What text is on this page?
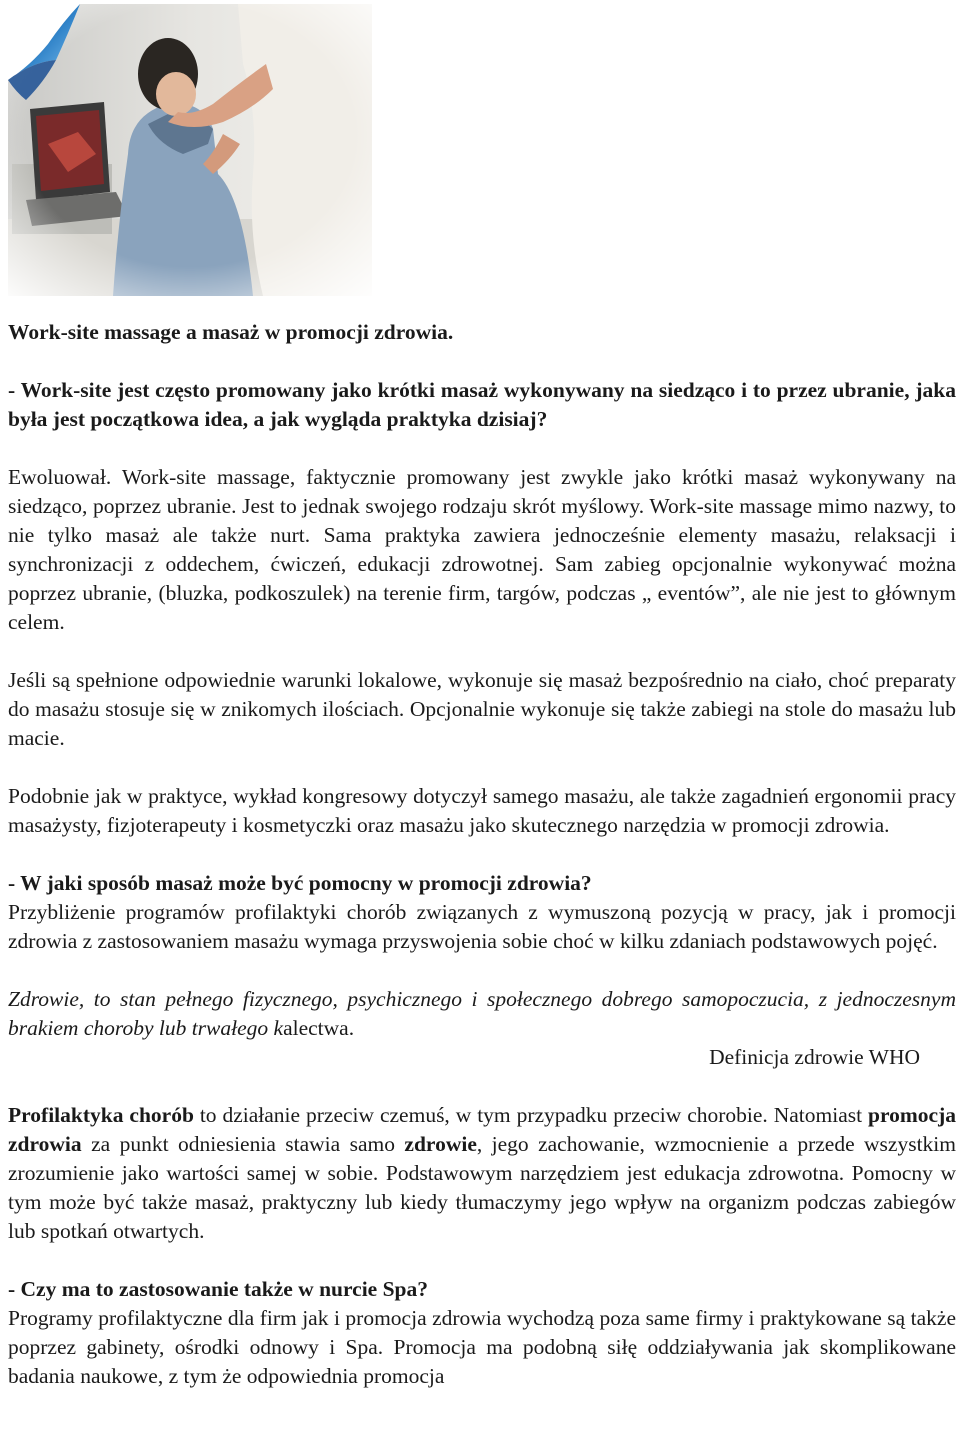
Work-site massage a masaż w promocji zdrowia.

- Work-site jest często promowany jako krótki masaż wykonywany na siedząco i to przez ubranie, jaka była jest początkowa idea, a jak wygląda praktyka dzisiaj?

Ewoluował. Work-site massage, faktycznie promowany jest zwykle jako krótki masaż wykonywany na siedząco, poprzez ubranie. Jest to jednak swojego rodzaju skrót myślowy. Work-site massage mimo nazwy, to nie tylko masaż ale także nurt. Sama praktyka zawiera jednocześnie elementy masażu, relaksacji i synchronizacji z oddechem, ćwiczeń, edukacji zdrowotnej. Sam zabieg opcjonalnie wykonywać można poprzez ubranie, (bluzka, podkoszulek) na terenie firm, targów, podczas „ eventów”, ale nie jest to głównym celem.

Jeśli są spełnione odpowiednie warunki lokalowe, wykonuje się masaż bezpośrednio na ciało, choć preparaty do masażu stosuje się w znikomych ilościach. Opcjonalnie wykonuje się także zabiegi na stole do masażu lub macie.

Podobnie jak w praktyce, wykład kongresowy dotyczył samego masażu, ale także zagadnień ergonomii pracy masażysty, fizjoterapeuty i kosmetyczki oraz masażu jako skutecznego narzędzia w promocji zdrowia.

- W jaki sposób masaż może być pomocny w promocji zdrowia?

Przybliżenie programów profilaktyki chorób związanych z wymuszoną pozycją w pracy, jak i promocji zdrowia z zastosowaniem masażu wymaga przyswojenia sobie choć w kilku zdaniach podstawowych pojęć.

Zdrowie, to stan pełnego fizycznego, psychicznego i społecznego dobrego samopoczucia, z jednoczesnym brakiem choroby lub trwałego kalectwa.

Definicja zdrowie WHO

Profilaktyka chorób to działanie przeciw czemuś, w tym przypadku przeciw chorobie. Natomiast promocja zdrowia za punkt odniesienia stawia samo zdrowie, jego zachowanie, wzmocnienie a przede wszystkim zrozumienie jako wartości samej w sobie. Podstawowym narzędziem jest edukacja zdrowotna. Pomocny w tym może być także masaż, praktyczny lub kiedy tłumaczymy jego wpływ na organizm podczas zabiegów lub spotkań otwartych.

- Czy ma to zastosowanie także w nurcie Spa?

Programy profilaktyczne dla firm jak i promocja zdrowia wychodzą poza same firmy i praktykowane są także poprzez gabinety, ośrodki odnowy i Spa. Promocja ma podobną siłę oddziaływania jak skomplikowane badania naukowe, z tym że odpowiednia promocja
